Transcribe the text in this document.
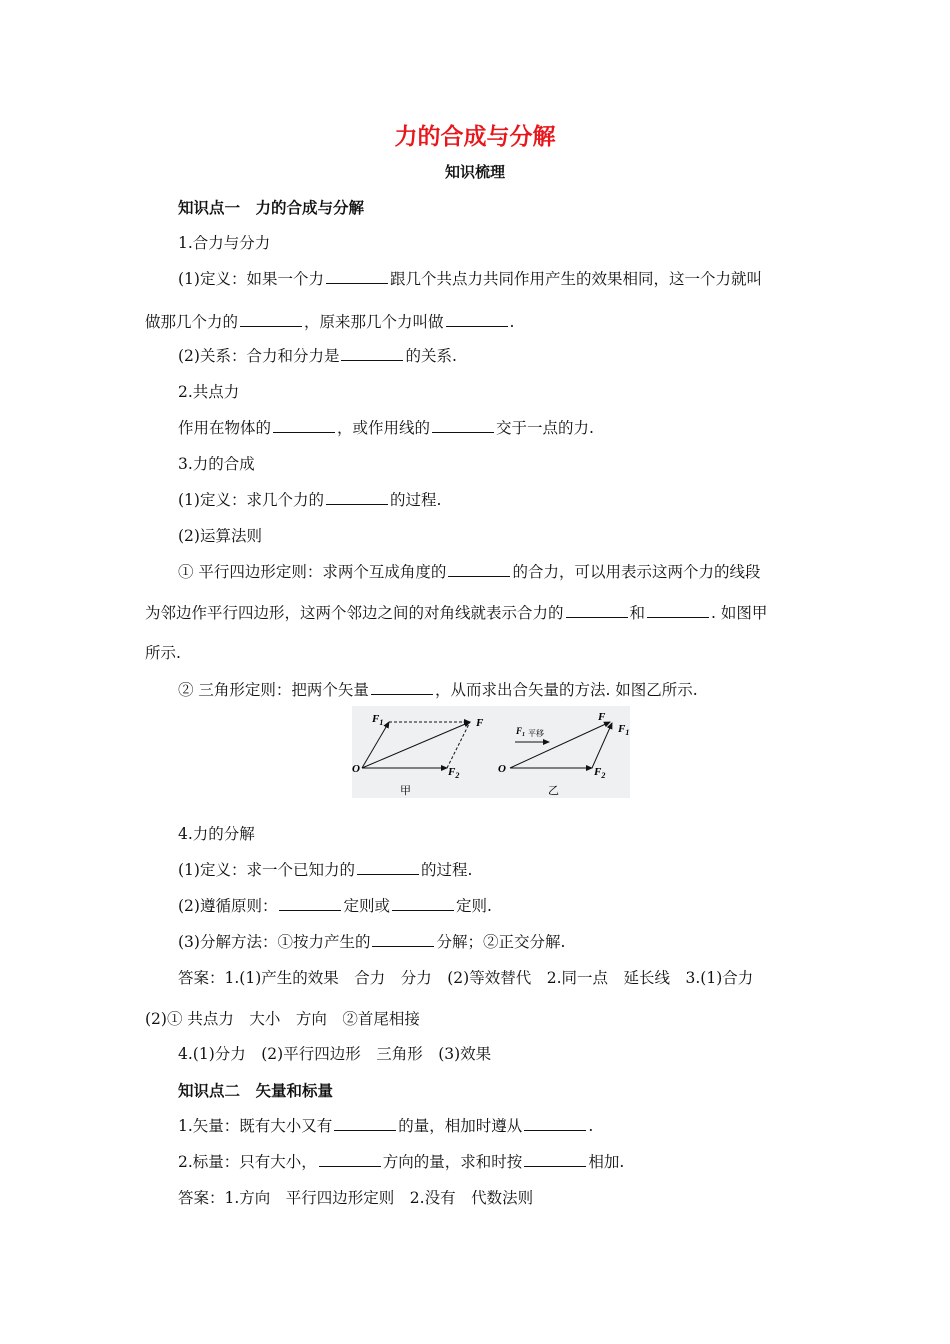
力的合成与分解
知识梳理
知识点一　力的合成与分解
1.合力与分力
(1)定义：如果一个力	跟几个共点力共同作用产生的效果相同，这一个力就叫
做那几个力的	，原来那几个力叫做	.
(2)关系：合力和分力是	的关系.
2.共点力
作用在物体的	，或作用线的	交于一点的力.
3.力的合成
(1)定义：求几个力的	的过程.
(2)运算法则
① 平行四边形定则：求两个互成角度的	的合力，可以用表示这两个力的线段
为邻边作平行四边形，这两个邻边之间的对角线就表示合力的	和	. 如图甲
所示.
② 三角形定则：把两个矢量	，从而求出合矢量的方法. 如图乙所示.
$F_1$	F
$F_2$
O
甲
$F_1$ 平移
F
$F_1$
$F_2$
O
乙
4.力的分解
(1)定义：求一个已知力的	的过程.
(2)遵循原则：	定则或	定则.
(3)分解方法：①按力产生的	分解；②正交分解.
答案：1.(1)产生的效果　合力　分力　(2)等效替代　2.同一点　延长线　3.(1)合力
(2)① 共点力　大小　方向　②首尾相接
4.(1)分力　(2)平行四边形　三角形　(3)效果
知识点二　矢量和标量
1.矢量：既有大小又有	的量，相加时遵从	.
2.标量：只有大小，	方向的量，求和时按	相加.
答案：1.方向　平行四边形定则　2.没有　代数法则
